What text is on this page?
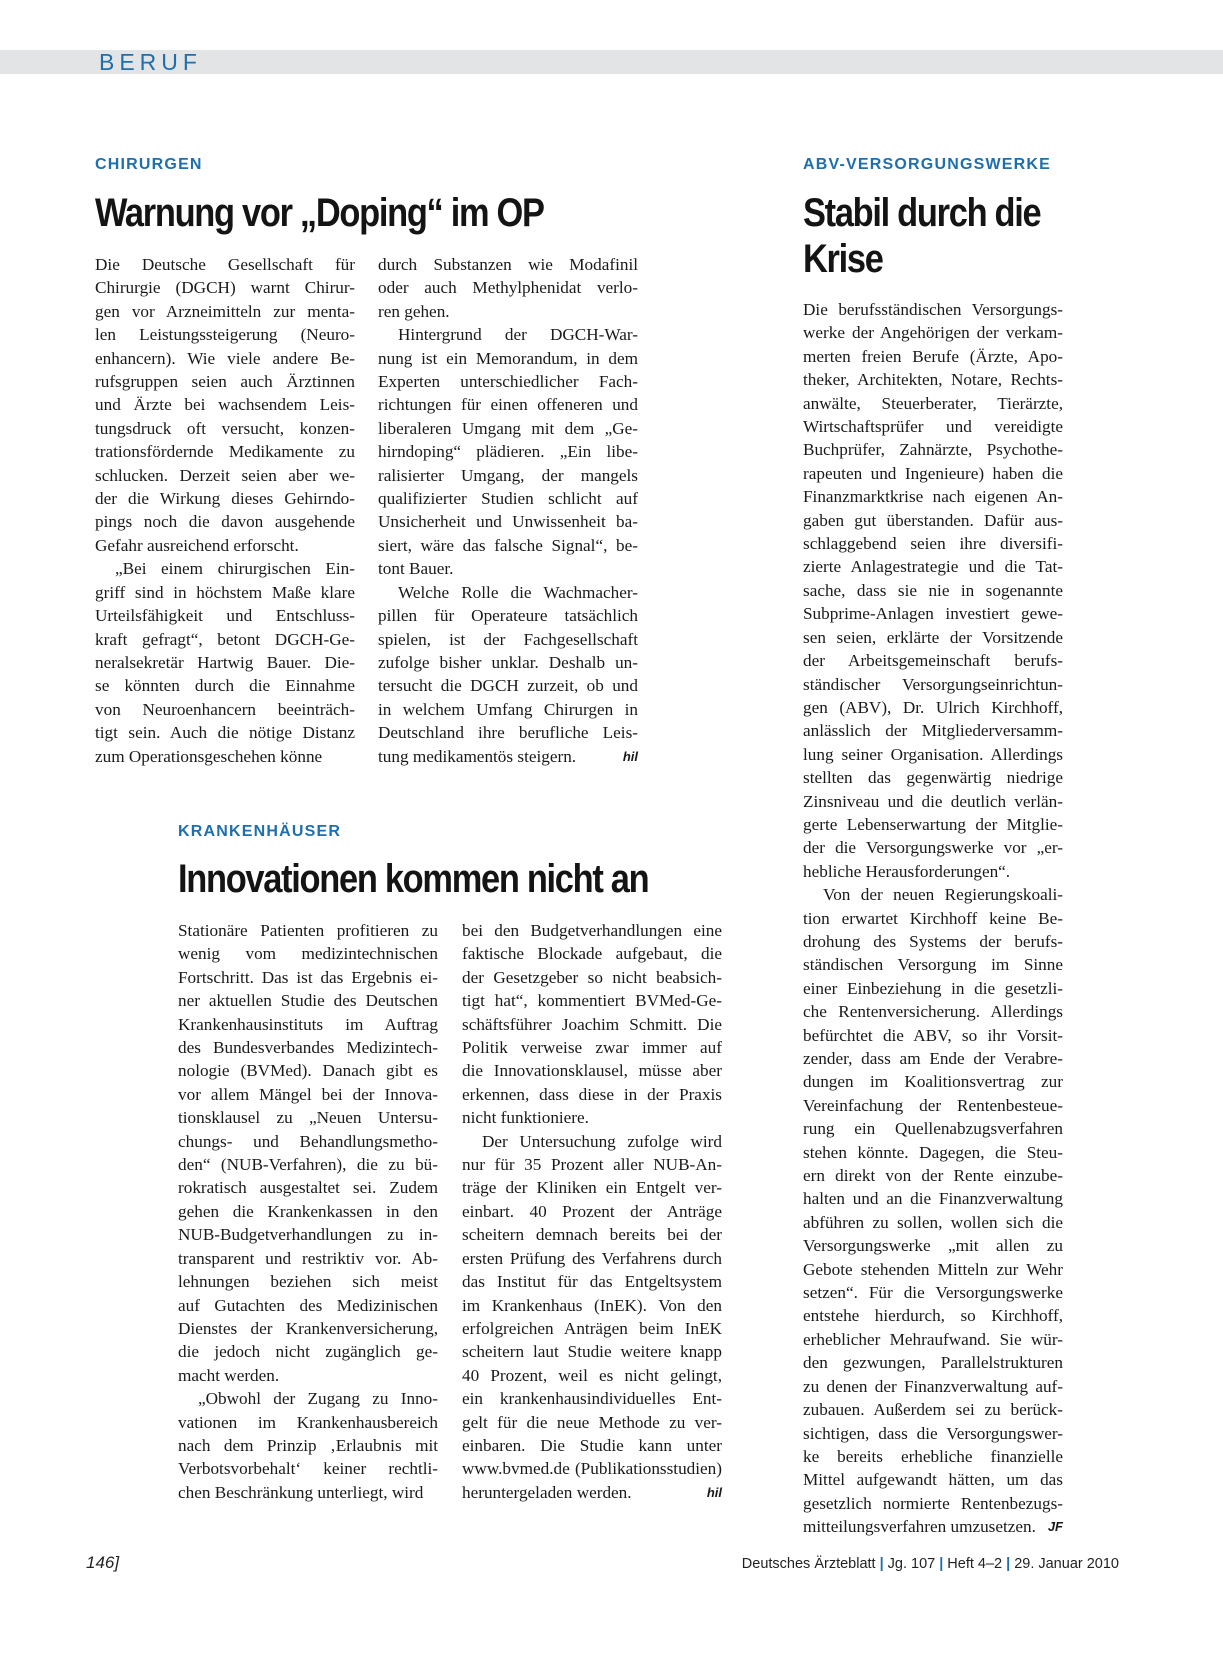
BERUF
CHIRURGEN
Warnung vor „Doping“ im OP
Die Deutsche Gesellschaft für
Chirurgie (DGCH) warnt Chirur-
gen vor Arzneimitteln zur menta-
len Leistungssteigerung (Neuro-
enhancern). Wie viele andere Be-
rufsgruppen seien auch Ärztinnen
und Ärzte bei wachsendem Leis-
tungsdruck oft versucht, konzen-
trationsfördernde Medikamente zu
schlucken. Derzeit seien aber we-
der die Wirkung dieses Gehirndo-
pings noch die davon ausgehende
Gefahr ausreichend erforscht.
„Bei einem chirurgischen Ein-
griff sind in höchstem Maße klare
Urteilsfähigkeit und Entschluss-
kraft gefragt“, betont DGCH-Ge-
neralsekretär Hartwig Bauer. Die-
se könnten durch die Einnahme
von Neuroenhancern beeinträch-
tigt sein. Auch die nötige Distanz
zum Operationsgeschehen könne
durch Substanzen wie Modafinil
oder auch Methylphenidat verlo-
ren gehen.
Hintergrund der DGCH-War-
nung ist ein Memorandum, in dem
Experten unterschiedlicher Fach-
richtungen für einen offeneren und
liberaleren Umgang mit dem „Ge-
hirndoping“ plädieren. „Ein libe-
ralisierter Umgang, der mangels
qualifizierter Studien schlicht auf
Unsicherheit und Unwissenheit ba-
siert, wäre das falsche Signal“, be-
tont Bauer.
Welche Rolle die Wachmacher-
pillen für Operateure tatsächlich
spielen, ist der Fachgesellschaft
zufolge bisher unklar. Deshalb un-
tersucht die DGCH zurzeit, ob und
in welchem Umfang Chirurgen in
Deutschland ihre berufliche Leis-
tung medikamentös steigern.	hil
KRANKENHÄUSER
Innovationen kommen nicht an
Stationäre Patienten profitieren zu
wenig vom medizintechnischen
Fortschritt. Das ist das Ergebnis ei-
ner aktuellen Studie des Deutschen
Krankenhausinstituts im Auftrag
des Bundesverbandes Medizintech-
nologie (BVMed). Danach gibt es
vor allem Mängel bei der Innova-
tionsklausel zu „Neuen Untersu-
chungs- und Behandlungsmetho-
den“ (NUB-Verfahren), die zu bü-
rokratisch ausgestaltet sei. Zudem
gehen die Krankenkassen in den
NUB-Budgetverhandlungen zu in-
transparent und restriktiv vor. Ab-
lehnungen beziehen sich meist
auf Gutachten des Medizinischen
Dienstes der Krankenversicherung,
die jedoch nicht zugänglich ge-
macht werden.
„Obwohl der Zugang zu Inno-
vationen im Krankenhausbereich
nach dem Prinzip ‚Erlaubnis mit
Verbotsvorbehalt‘ keiner rechtli-
chen Beschränkung unterliegt, wird
bei den Budgetverhandlungen eine
faktische Blockade aufgebaut, die
der Gesetzgeber so nicht beabsich-
tigt hat“, kommentiert BVMed-Ge-
schäftsführer Joachim Schmitt. Die
Politik verweise zwar immer auf
die Innovationsklausel, müsse aber
erkennen, dass diese in der Praxis
nicht funktioniere.
Der Untersuchung zufolge wird
nur für 35 Prozent aller NUB-An-
träge der Kliniken ein Entgelt ver-
einbart. 40 Prozent der Anträge
scheitern demnach bereits bei der
ersten Prüfung des Verfahrens durch
das Institut für das Entgeltsystem
im Krankenhaus (InEK). Von den
erfolgreichen Anträgen beim InEK
scheitern laut Studie weitere knapp
40 Prozent, weil es nicht gelingt,
ein krankenhausindividuelles Ent-
gelt für die neue Methode zu ver-
einbaren. Die Studie kann unter
www.bvmed.de (Publikationsstudien)
heruntergeladen werden.	hil
ABV-VERSORGUNGSWERKE
Stabil durch die
Krise
Die berufsständischen Versorgungs-
werke der Angehörigen der verkam-
merten freien Berufe (Ärzte, Apo-
theker, Architekten, Notare, Rechts-
anwälte, Steuerberater, Tierärzte,
Wirtschaftsprüfer und vereidigte
Buchprüfer, Zahnärzte, Psychothe-
rapeuten und Ingenieure) haben die
Finanzmarktkrise nach eigenen An-
gaben gut überstanden. Dafür aus-
schlaggebend seien ihre diversifi-
zierte Anlagestrategie und die Tat-
sache, dass sie nie in sogenannte
Subprime-Anlagen investiert gewe-
sen seien, erklärte der Vorsitzende
der Arbeitsgemeinschaft berufs-
ständischer Versorgungseinrichtun-
gen (ABV), Dr. Ulrich Kirchhoff,
anlässlich der Mitgliederversamm-
lung seiner Organisation. Allerdings
stellten das gegenwärtig niedrige
Zinsniveau und die deutlich verlän-
gerte Lebenserwartung der Mitglie-
der die Versorgungswerke vor „er-
hebliche Herausforderungen“.
Von der neuen Regierungskoali-
tion erwartet Kirchhoff keine Be-
drohung des Systems der berufs-
ständischen Versorgung im Sinne
einer Einbeziehung in die gesetzli-
che Rentenversicherung. Allerdings
befürchtet die ABV, so ihr Vorsit-
zender, dass am Ende der Verabre-
dungen im Koalitionsvertrag zur
Vereinfachung der Rentenbesteue-
rung ein Quellenabzugsverfahren
stehen könnte. Dagegen, die Steu-
ern direkt von der Rente einzube-
halten und an die Finanzverwaltung
abführen zu sollen, wollen sich die
Versorgungswerke „mit allen zu
Gebote stehenden Mitteln zur Wehr
setzen“. Für die Versorgungswerke
entstehe hierdurch, so Kirchhoff,
erheblicher Mehraufwand. Sie wür-
den gezwungen, Parallelstrukturen
zu denen der Finanzverwaltung auf-
zubauen. Außerdem sei zu berück-
sichtigen, dass die Versorgungswer-
ke bereits erhebliche finanzielle
Mittel aufgewandt hätten, um das
gesetzlich normierte Rentenbezugs-
mitteilungsverfahren umzusetzen. JF
146]	Deutsches Ärzteblatt | Jg. 107 | Heft 4–2 | 29. Januar 2010
